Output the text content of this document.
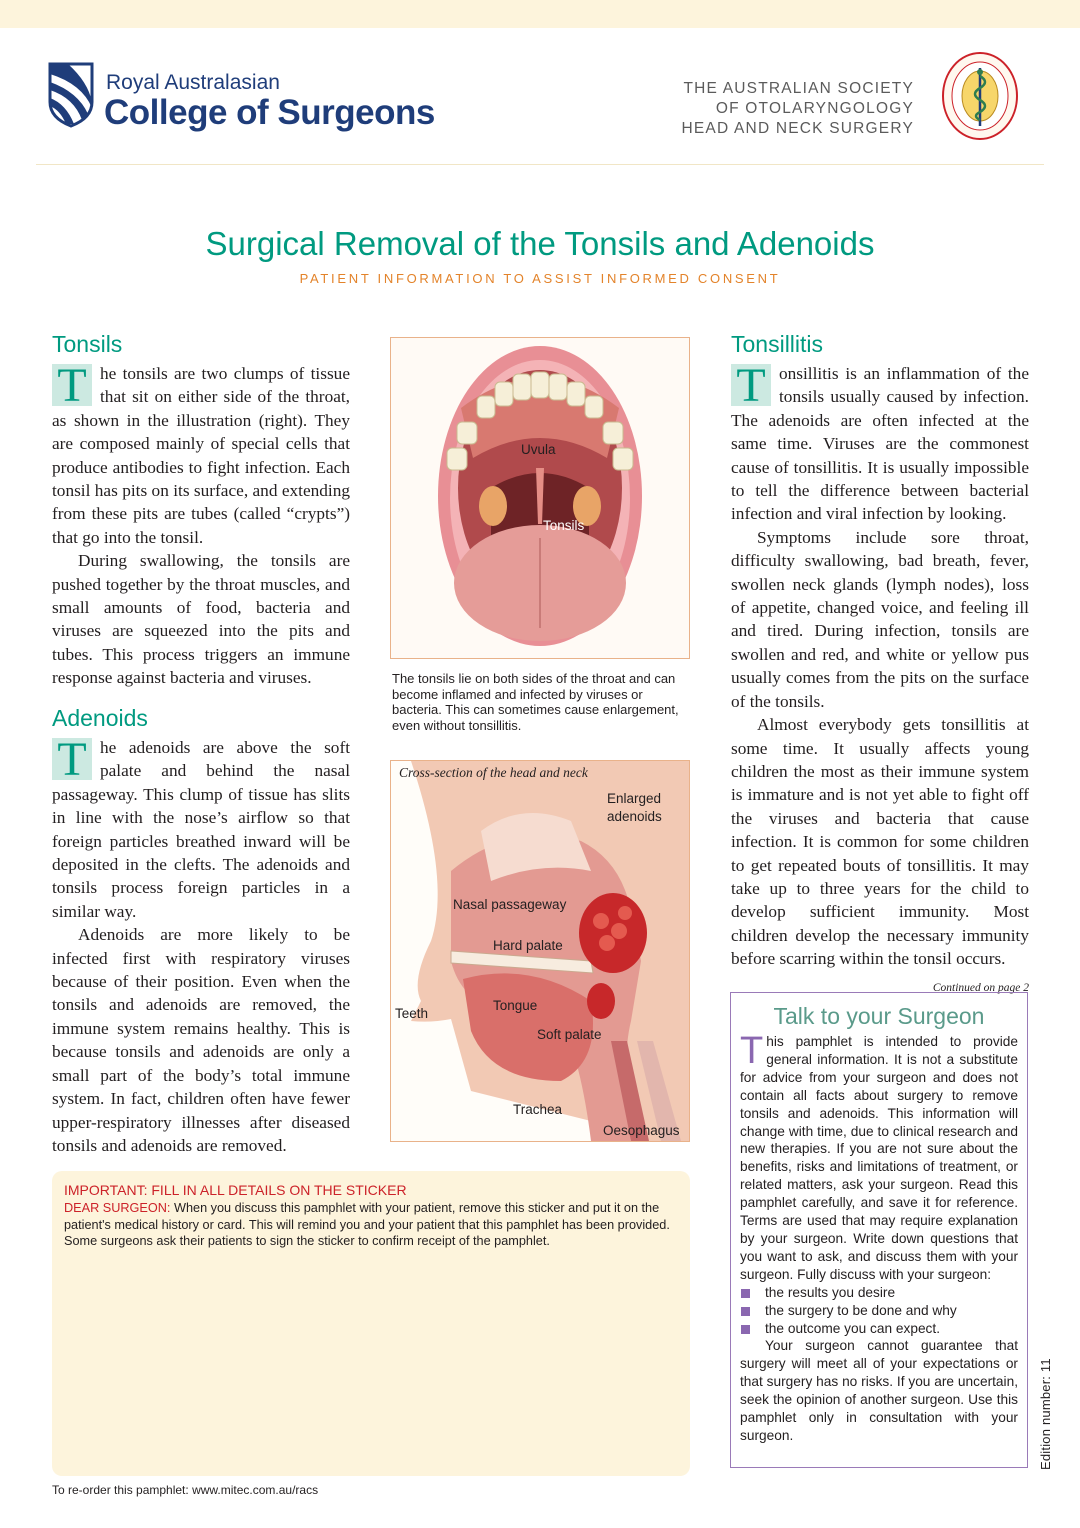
Royal Australasian
College of Surgeons
THE AUSTRALIAN SOCIETY
OF OTOLARYNGOLOGY
HEAD AND NECK SURGERY
Surgical Removal of the Tonsils and Adenoids
PATIENT INFORMATION TO ASSIST INFORMED CONSENT
Tonsils

T he tonsils are two clumps of tissue that sit on either side of the throat, as shown in the illustration (right). They are composed mainly of special cells that produce antibodies to fight infection. Each tonsil has pits on its surface, and extending from these pits are tubes (called “crypts”) that go into the tonsil.

During swallowing, the tonsils are pushed together by the throat muscles, and small amounts of food, bacteria and viruses are squeezed into the pits and tubes. This process triggers an immune response against bacteria and viruses.

Adenoids

T he adenoids are above the soft palate and behind the nasal passageway. This clump of tissue has slits in line with the nose’s airflow so that foreign particles breathed inward will be deposited in the clefts. The adenoids and tonsils process foreign particles in a similar way.

Adenoids are more likely to be infected first with respiratory viruses because of their position. Even when the tonsils and adenoids are removed, the immune system remains healthy. This is because tonsils and adenoids are only a small part of the body’s total immune system. In fact, children often have fewer upper-respiratory illnesses after diseased tonsils and adenoids are removed.

Uvula
Tonsils
The tonsils lie on both sides of the throat and can become inflamed and infected by viruses or bacteria. This can sometimes cause enlargement, even without tonsillitis.
Cross-section of the head and neck
Enlarged
adenoids
Nasal passageway
Hard palate
Teeth
Tongue
Soft palate
Trachea
Oesophagus
Tonsillitis

T onsillitis is an inflammation of the tonsils usually caused by infection. The adenoids are often infected at the same time. Viruses are the commonest cause of tonsillitis. It is usually impossible to tell the difference between bacterial infection and viral infection by looking.

Symptoms include sore throat, difficulty swallowing, bad breath, fever, swollen neck glands (lymph nodes), loss of appetite, changed voice, and feeling ill and tired. During infection, tonsils are swollen and red, and white or yellow pus usually comes from the pits on the surface of the tonsils.

Almost everybody gets tonsillitis at some time. It usually affects young children the most as their immune system is immature and is not yet able to fight off the viruses and bacteria that cause infection. It is common for some children to get repeated bouts of tonsillitis. It may take up to three years for the child to develop sufficient immunity. Most children develop the necessary immunity before scarring within the tonsil occurs.

Continued on page 2
IMPORTANT: FILL IN ALL DETAILS ON THE STICKER
DEAR SURGEON: When you discuss this pamphlet with your patient, remove this sticker and put it on the patient's medical history or card. This will remind you and your patient that this pamphlet has been provided. Some surgeons ask their patients to sign the sticker to confirm receipt of the pamphlet.
To re-order this pamphlet: www.mitec.com.au/racs
Talk to your Surgeon

This pamphlet is intended to provide general information. It is not a substitute for advice from your surgeon and does not contain all facts about surgery to remove tonsils and adenoids. This information will change with time, due to clinical research and new therapies. If you are not sure about the benefits, risks and limitations of treatment, or related matters, ask your surgeon. Read this pamphlet carefully, and save it for reference. Terms are used that may require explanation by your surgeon. Write down questions that you want to ask, and discuss them with your surgeon. Fully discuss with your surgeon:

the results you desire
the surgery to be done and why
the outcome you can expect.

Your surgeon cannot guarantee that surgery will meet all of your expectations or that surgery has no risks. If you are uncertain, seek the opinion of another surgeon. Use this pamphlet only in consultation with your surgeon.	Edition number: 11
